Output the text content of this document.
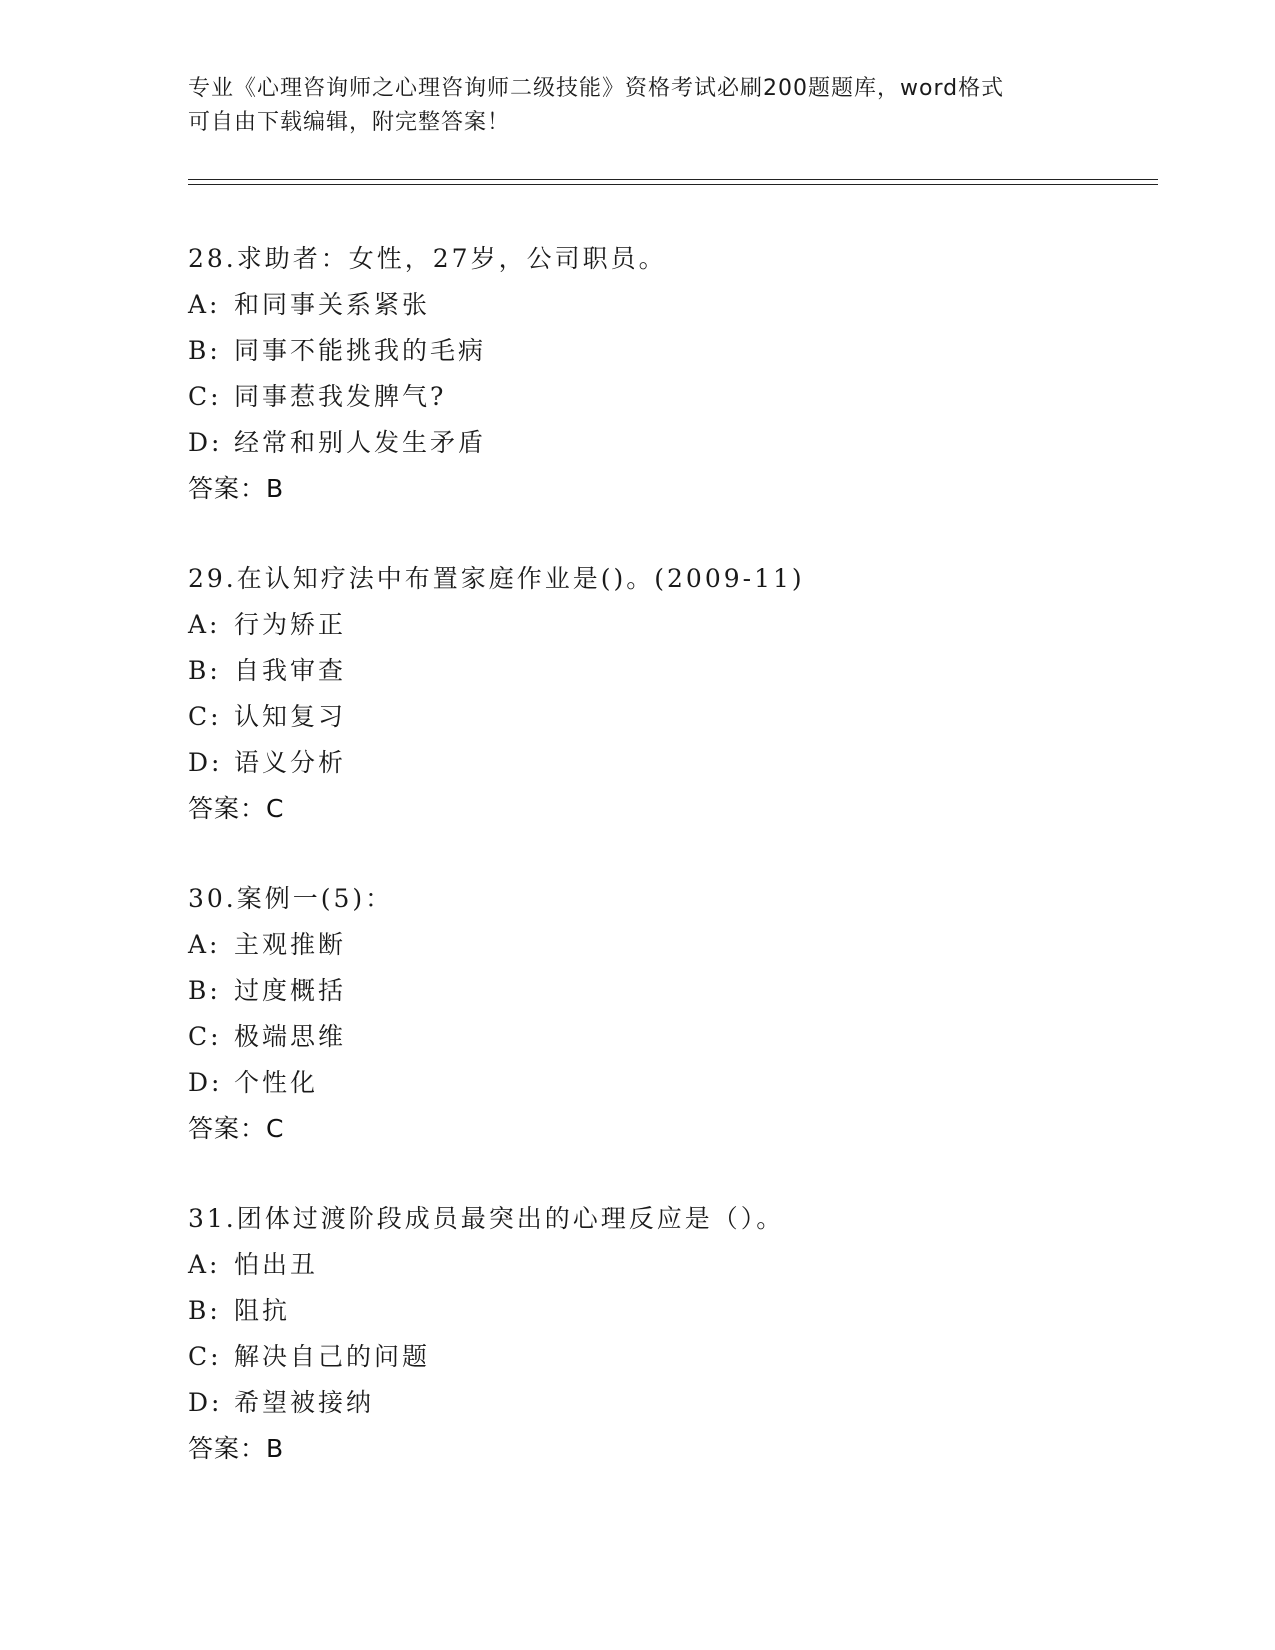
专业《心理咨询师之心理咨询师二级技能》资格考试必刷200题题库，word格式
可自由下载编辑，附完整答案！
28.求助者：女性，27岁，公司职员。
A: 和同事关系紧张
B: 同事不能挑我的毛病
C: 同事惹我发脾气?
D: 经常和别人发生矛盾
答案：B
29.在认知疗法中布置家庭作业是()。(2009-11)
A: 行为矫正
B: 自我审查
C: 认知复习
D: 语义分析
答案：C
30.案例一(5)：
A: 主观推断
B: 过度概括
C: 极端思维
D: 个性化
答案：C
31.团体过渡阶段成员最突出的心理反应是（）。
A: 怕出丑
B: 阻抗
C: 解决自己的问题
D: 希望被接纳
答案：B
